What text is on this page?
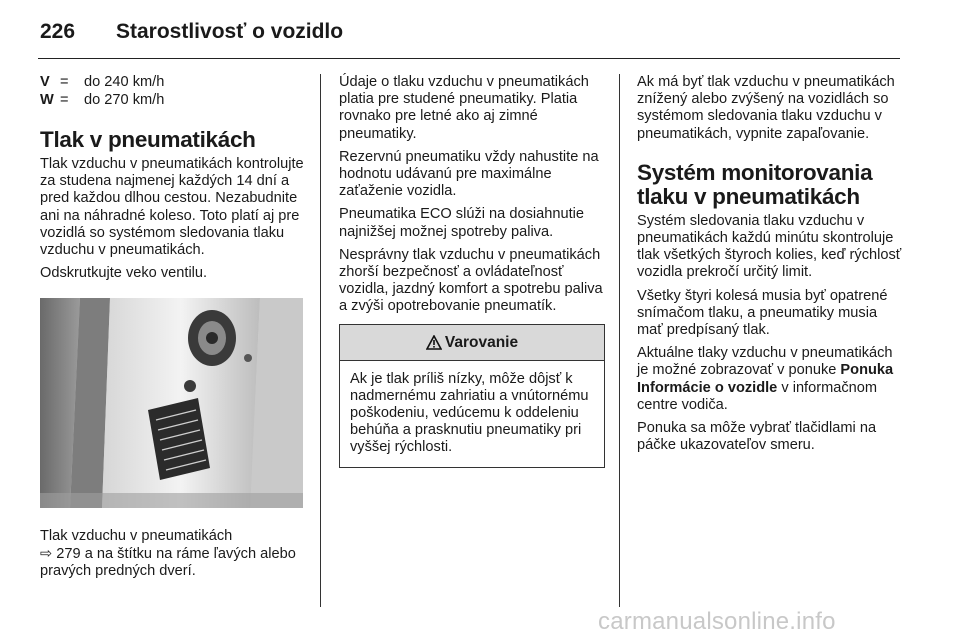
226 Starostlivosť o vozidlo
V =	do 240 km/h
W =	do 270 km/h
Tlak v pneumatikách

Tlak vzduchu v pneumatikách kontrolujte za studena najmenej každých 14 dní a pred každou dlhou cestou. Nezabudnite ani na náhradné koleso. Toto platí aj pre vozidlá so systémom sledovania tlaku vzduchu v pneumatikách.

Odskrutkujte veko ventilu.

Tlak vzduchu v pneumatikách

⇨ 279 a na štítku na ráme ľavých alebo pravých predných dverí.

Údaje o tlaku vzduchu v pneumatikách platia pre studené pneumatiky. Platia rovnako pre letné ako aj zimné pneumatiky.

Rezervnú pneumatiku vždy nahustite na hodnotu udávanú pre maximálne zaťaženie vozidla.

Pneumatika ECO slúži na dosiahnutie najnižšej možnej spotreby paliva.

Nesprávny tlak vzduchu v pneumatikách zhorší bezpečnosť a ovládateľnosť vozidla, jazdný komfort a spotrebu paliva a zvýši opotrebovanie pneumatík.

Varovanie

Ak je tlak príliš nízky, môže dôjsť k nadmernému zahriatiu a vnútornému poškodeniu, vedúcemu k oddeleniu behúňa a prasknutiu pneumatiky pri vyššej rýchlosti.

Ak má byť tlak vzduchu v pneumatikách znížený alebo zvýšený na vozidlách so systémom sledovania tlaku vzduchu v pneumatikách, vypnite zapaľovanie.

Systém monitorovania tlaku v pneumatikách

Systém sledovania tlaku vzduchu v pneumatikách každú minútu skontroluje tlak všetkých štyroch kolies, keď rýchlosť vozidla prekročí určitý limit.

Všetky štyri kolesá musia byť opatrené snímačom tlaku, a pneumatiky musia mať predpísaný tlak.

Aktuálne tlaky vzduchu v pneumatikách je možné zobrazovať v ponuke Ponuka Informácie o vozidle v informačnom centre vodiča.

Ponuka sa môže vybrať tlačidlami na páčke ukazovateľov smeru.

carmanualsonline.info
